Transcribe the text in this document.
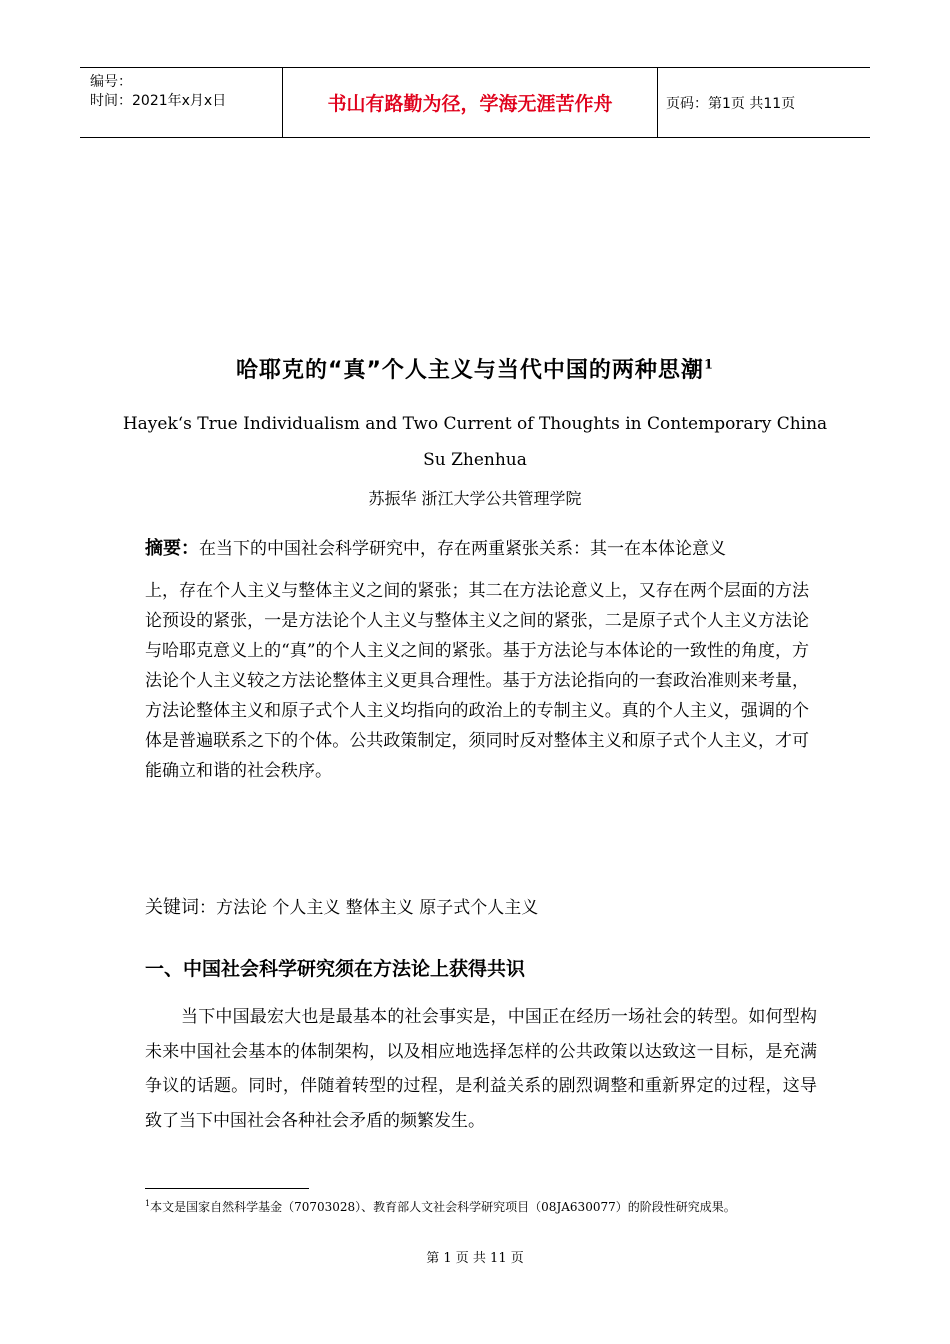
编号：
时间：2021年x月x日	书山有路勤为径，学海无涯苦作舟	页码：第1页 共11页
哈耶克的“真”个人主义与当代中国的两种思潮$^1$
Hayek‘s True Individualism and Two Current of Thoughts in Contemporary China
Su Zhenhua
苏振华 浙江大学公共管理学院
摘要：在当下的中国社会科学研究中，存在两重紧张关系：其一在本体论意义
上，存在个人主义与整体主义之间的紧张；其二在方法论意义上，又存在两个层面的方法论预设的紧张，一是方法论个人主义与整体主义之间的紧张，二是原子式个人主义方法论与哈耶克意义上的“真”的个人主义之间的紧张。基于方法论与本体论的一致性的角度，方法论个人主义较之方法论整体主义更具合理性。基于方法论指向的一套政治准则来考量，方法论整体主义和原子式个人主义均指向的政治上的专制主义。真的个人主义，强调的个体是普遍联系之下的个体。公共政策制定，须同时反对整体主义和原子式个人主义，才可能确立和谐的社会秩序。
关键词：方法论 个人主义 整体主义 原子式个人主义
一、中国社会科学研究须在方法论上获得共识
当下中国最宏大也是最基本的社会事实是，中国正在经历一场社会的转型。如何型构未来中国社会基本的体制架构，以及相应地选择怎样的公共政策以达致这一目标，是充满争议的话题。同时，伴随着转型的过程，是利益关系的剧烈调整和重新界定的过程，这导致了当下中国社会各种社会矛盾的频繁发生。
$^1$本文是国家自然科学基金（70703028）、教育部人文社会科学研究项目（08JA630077）的阶段性研究成果。
第 1 页 共 11 页
